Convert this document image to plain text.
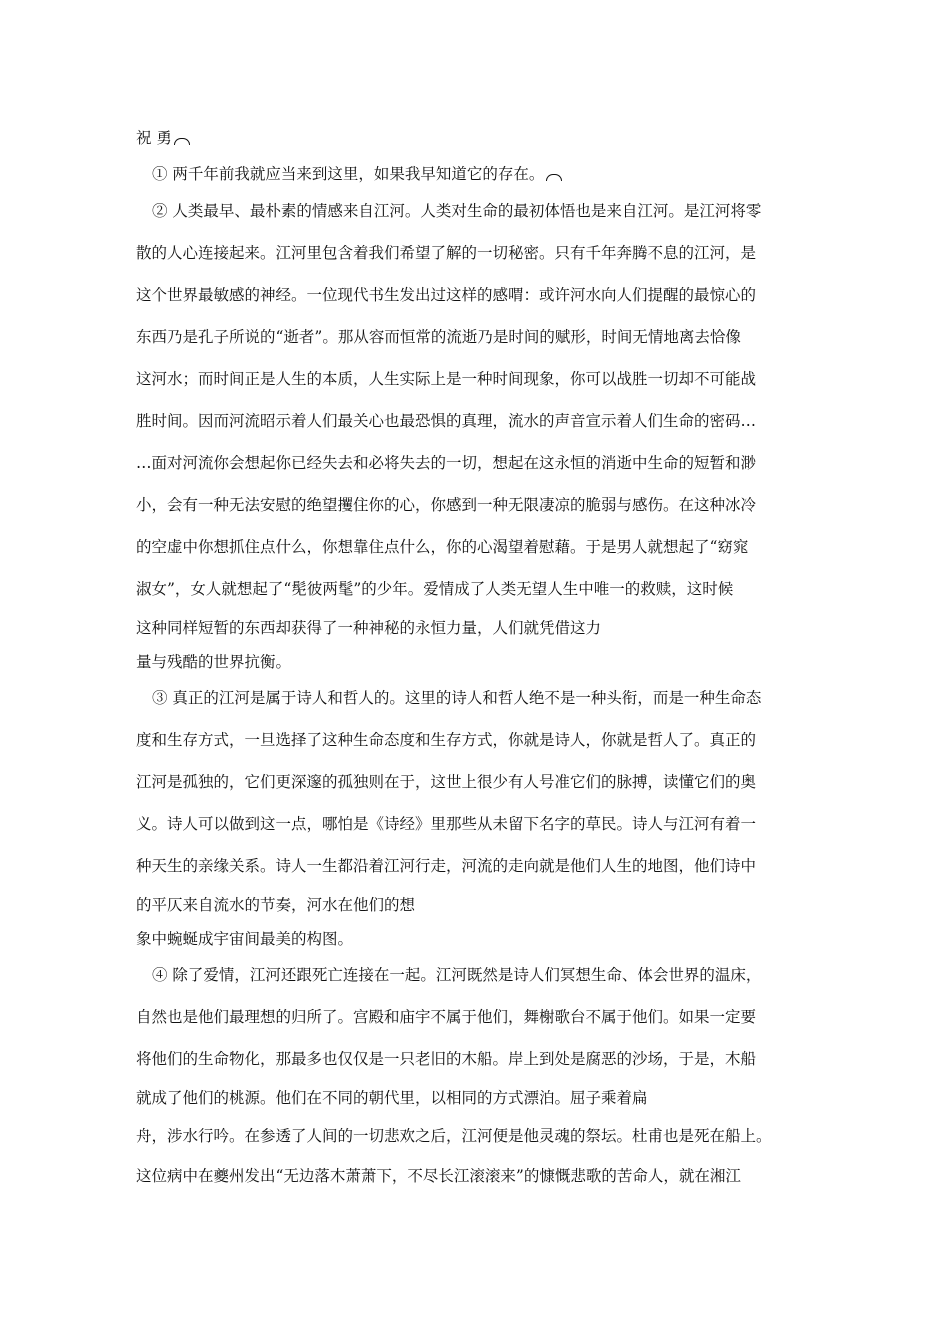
祝 勇
① 两千年前我就应当来到这里，如果我早知道它的存在。
② 人类最早、最朴素的情感来自江河。人类对生命的最初体悟也是来自江河。是江河将零
散的人心连接起来。江河里包含着我们希望了解的一切秘密。只有千年奔腾不息的江河，是
这个世界最敏感的神经。一位现代书生发出过这样的感喟：或许河水向人们提醒的最惊心的
东西乃是孔子所说的“逝者”。那从容而恒常的流逝乃是时间的赋形，时间无情地离去恰像
这河水；而时间正是人生的本质，人生实际上是一种时间现象，你可以战胜一切却不可能战
胜时间。因而河流昭示着人们最关心也最恐惧的真理，流水的声音宣示着人们生命的密码…
…面对河流你会想起你已经失去和必将失去的一切，想起在这永恒的消逝中生命的短暂和渺
小，会有一种无法安慰的绝望攫住你的心，你感到一种无限凄凉的脆弱与感伤。在这种冰冷
的空虚中你想抓住点什么，你想靠住点什么，你的心渴望着慰藉。于是男人就想起了“窈窕
淑女”，女人就想起了“髧彼两髦”的少年。爱情成了人类无望人生中唯一的救赎，这时候
这种同样短暂的东西却获得了一种神秘的永恒力量，人们就凭借这力
量与残酷的世界抗衡。
③ 真正的江河是属于诗人和哲人的。这里的诗人和哲人绝不是一种头衔，而是一种生命态
度和生存方式，一旦选择了这种生命态度和生存方式，你就是诗人，你就是哲人了。真正的
江河是孤独的，它们更深邃的孤独则在于，这世上很少有人号准它们的脉搏，读懂它们的奥
义。诗人可以做到这一点，哪怕是《诗经》里那些从未留下名字的草民。诗人与江河有着一
种天生的亲缘关系。诗人一生都沿着江河行走，河流的走向就是他们人生的地图，他们诗中
的平仄来自流水的节奏，河水在他们的想
象中蜿蜒成宇宙间最美的构图。
④ 除了爱情，江河还跟死亡连接在一起。江河既然是诗人们冥想生命、体会世界的温床，
自然也是他们最理想的归所了。宫殿和庙宇不属于他们，舞榭歌台不属于他们。如果一定要
将他们的生命物化，那最多也仅仅是一只老旧的木船。岸上到处是腐恶的沙场，于是，木船
就成了他们的桃源。他们在不同的朝代里，以相同的方式漂泊。屈子乘着扁
舟，涉水行吟。在参透了人间的一切悲欢之后，江河便是他灵魂的祭坛。杜甫也是死在船上。
这位病中在夔州发出“无边落木萧萧下，不尽长江滚滚来”的慷慨悲歌的苦命人，就在湘江
